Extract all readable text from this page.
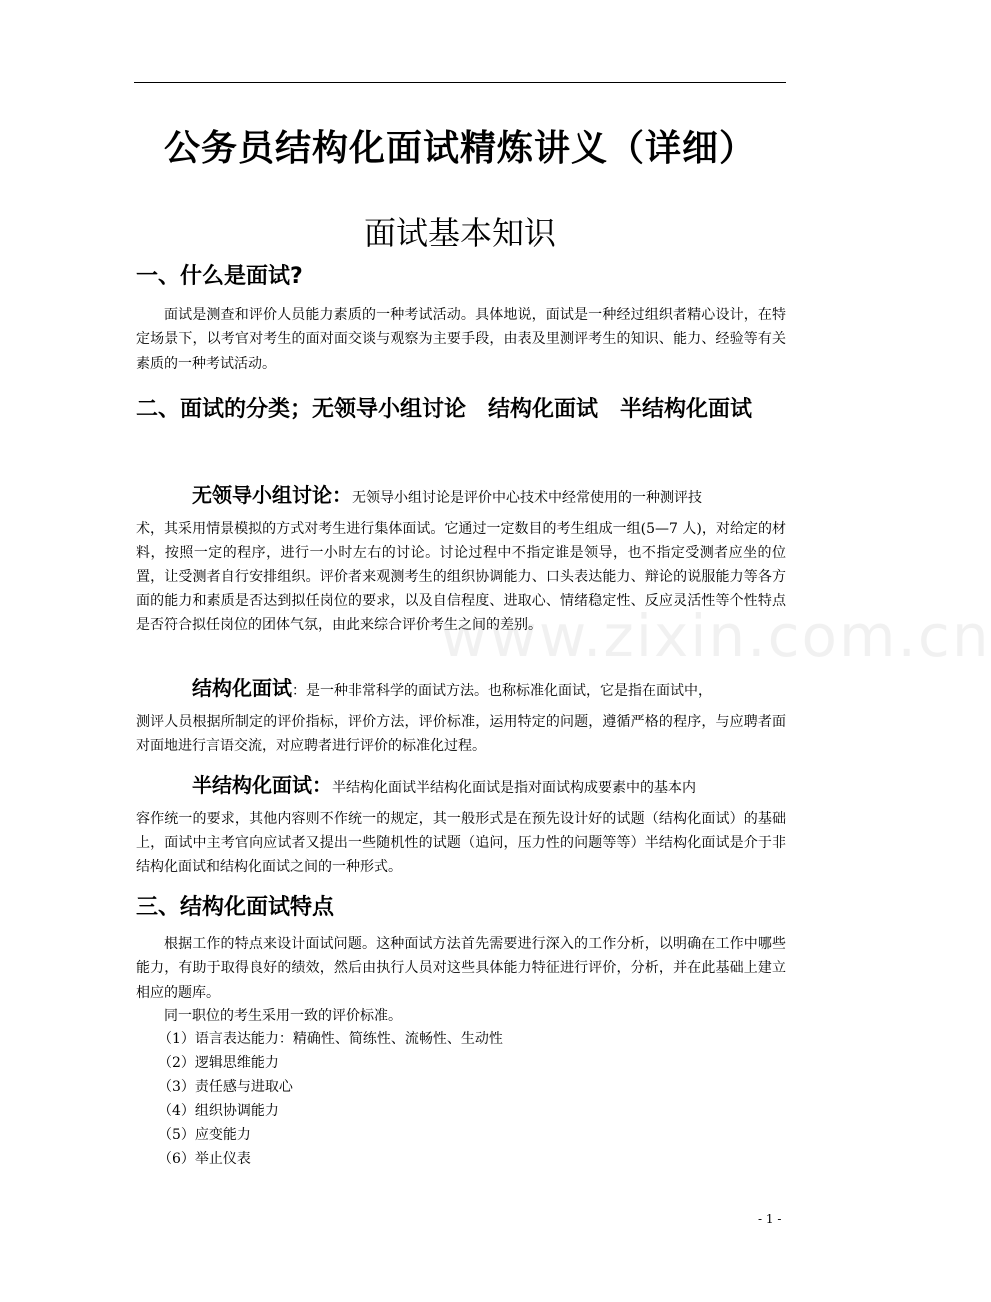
www.zixin.com.cn
公务员结构化面试精炼讲义（详细）
面试基本知识
一、什么是面试?
面试是测查和评价人员能力素质的一种考试活动。具体地说，面试是一种经过组织者精心设计，在特定场景下，以考官对考生的面对面交谈与观察为主要手段，由表及里测评考生的知识、能力、经验等有关素质的一种考试活动。
二、面试的分类；无领导小组讨论　结构化面试　半结构化面试
无领导小组讨论：无领导小组讨论是评价中心技术中经常使用的一种测评技
术，其采用情景模拟的方式对考生进行集体面试。它通过一定数目的考生组成一组(5—7 人)，对给定的材料，按照一定的程序，进行一小时左右的讨论。讨论过程中不指定谁是领导，也不指定受测者应坐的位置，让受测者自行安排组织。评价者来观测考生的组织协调能力、口头表达能力、辩论的说服能力等各方面的能力和素质是否达到拟任岗位的要求，以及自信程度、进取心、情绪稳定性、反应灵活性等个性特点是否符合拟任岗位的团体气氛，由此来综合评价考生之间的差别。
结构化面试：是一种非常科学的面试方法。也称标准化面试，它是指在面试中，
测评人员根据所制定的评价指标，评价方法，评价标准，运用特定的问题，遵循严格的程序，与应聘者面对面地进行言语交流，对应聘者进行评价的标准化过程。
半结构化面试：半结构化面试半结构化面试是指对面试构成要素中的基本内
容作统一的要求，其他内容则不作统一的规定，其一般形式是在预先设计好的试题（结构化面试）的基础上，面试中主考官向应试者又提出一些随机性的试题（追问，压力性的问题等等）半结构化面试是介于非结构化面试和结构化面试之间的一种形式。
三、结构化面试特点
根据工作的特点来设计面试问题。这种面试方法首先需要进行深入的工作分析，以明确在工作中哪些能力，有助于取得良好的绩效，然后由执行人员对这些具体能力特征进行评价，分析，并在此基础上建立相应的题库。
同一职位的考生采用一致的评价标准。
（1）语言表达能力：精确性、简练性、流畅性、生动性
（2）逻辑思维能力
（3）责任感与进取心
（4）组织协调能力
（5）应变能力
（6）举止仪表
- 1 -
